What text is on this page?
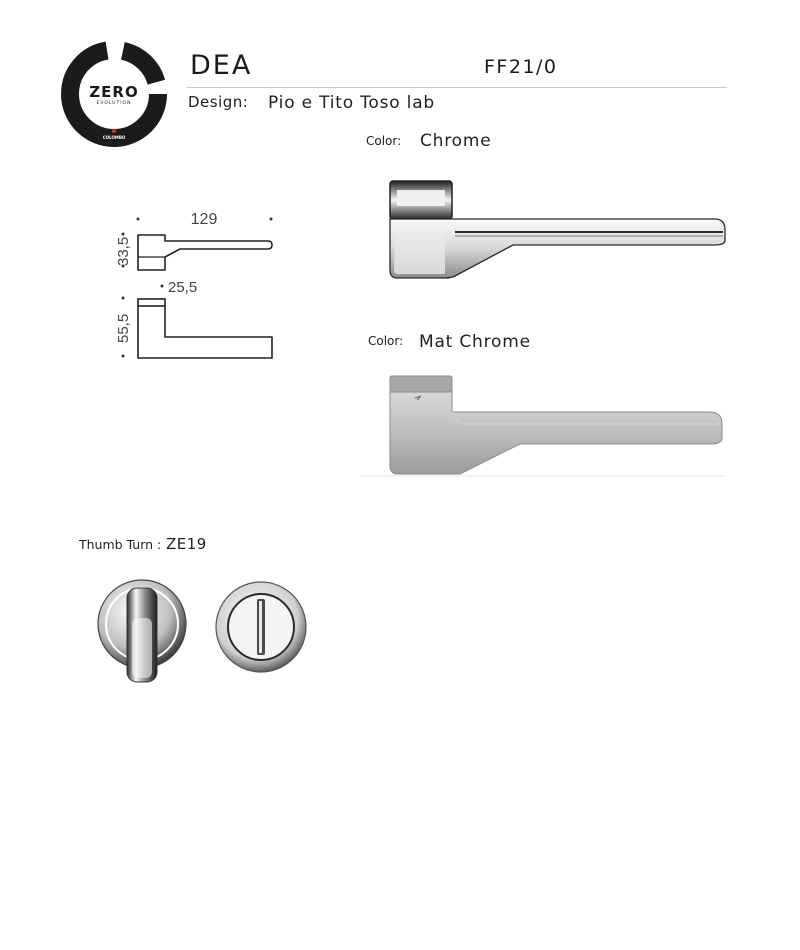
ZERO
EVOLUTION
COLOMBO
DEA	FF21/0
Design: Pio e Tito Toso lab
129
33,5
25,5
55,5
Color: Chrome
Color: Mat Chrome
Thumb Turn : ZE19
